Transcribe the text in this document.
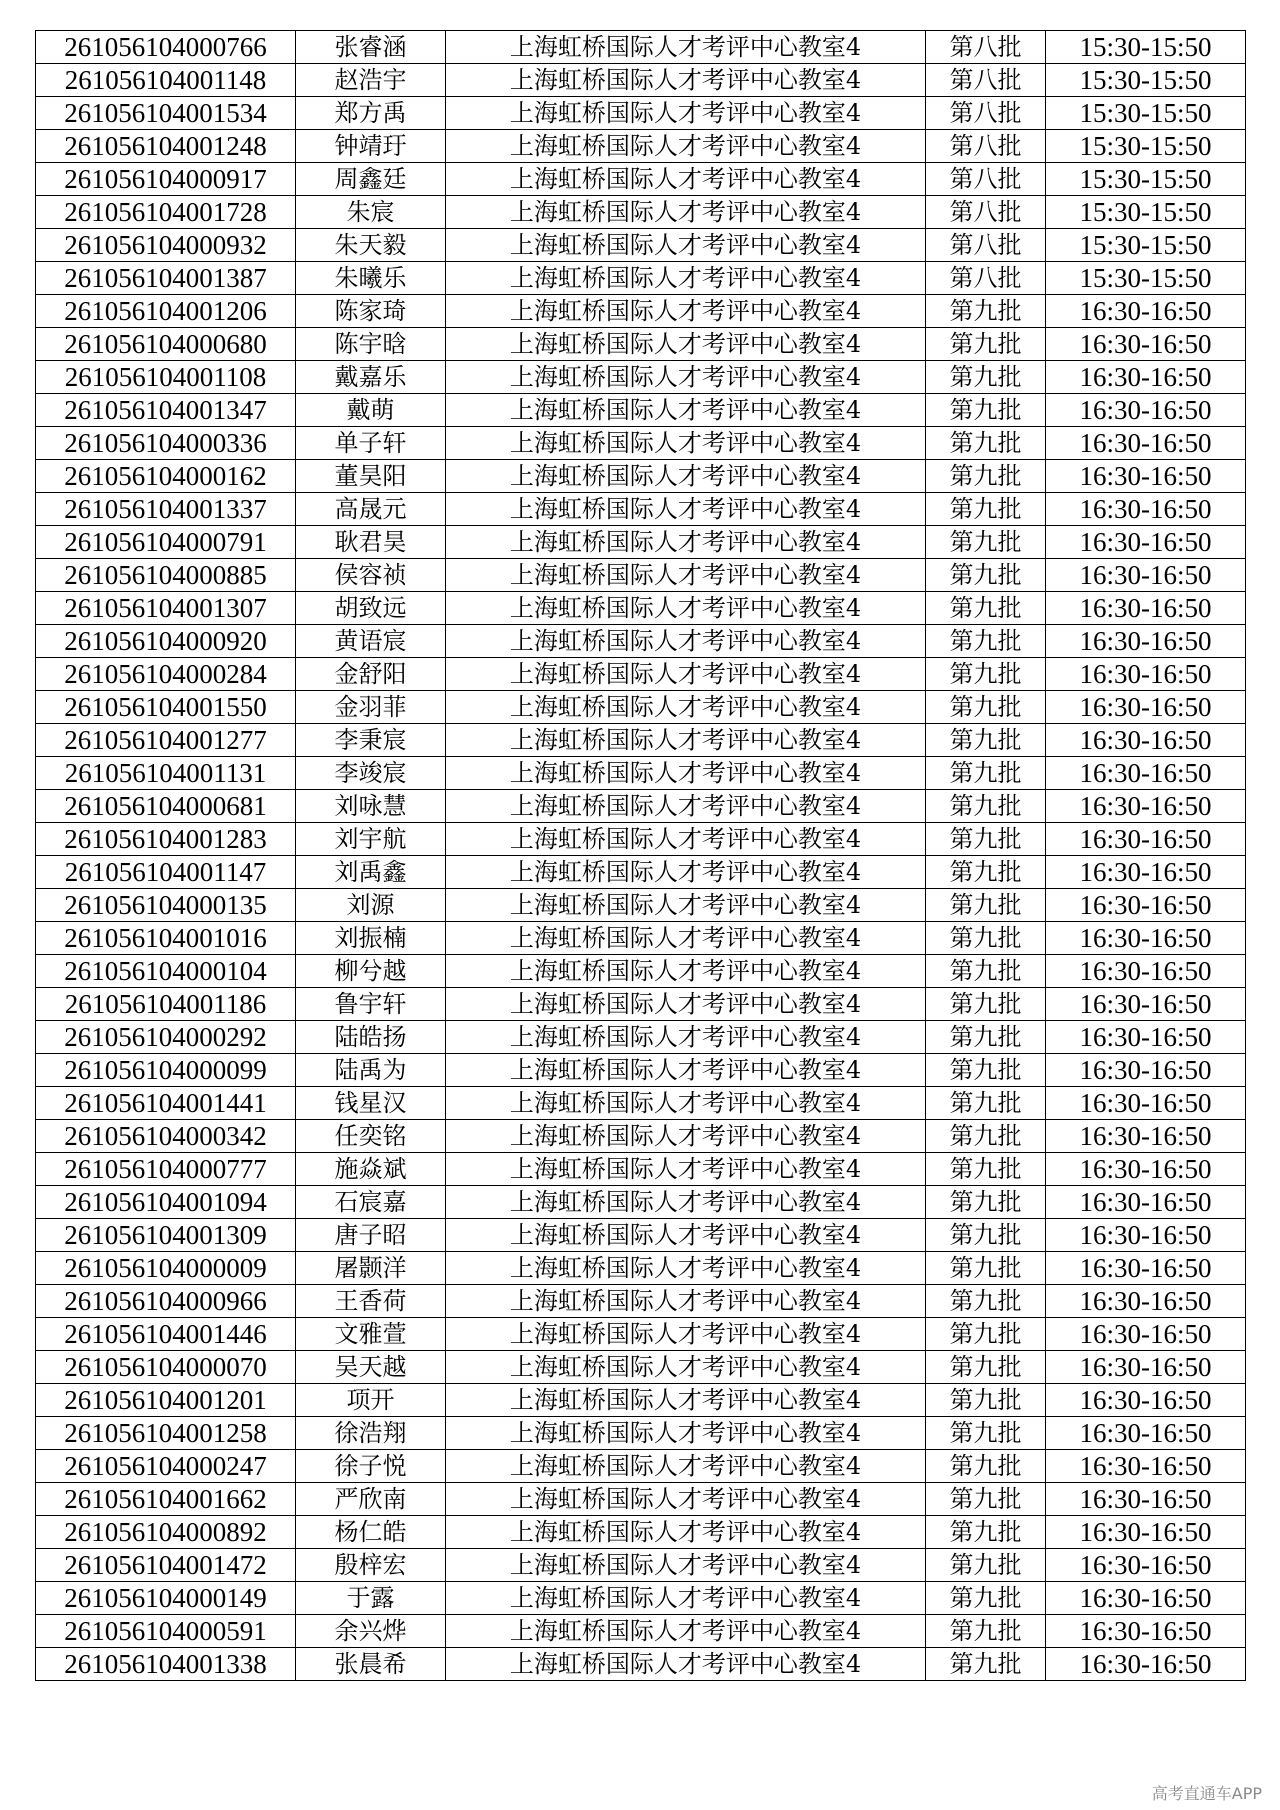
261056104000766	张睿涵	上海虹桥国际人才考评中心教室4	第八批	15:30-15:50
261056104001148	赵浩宇	上海虹桥国际人才考评中心教室4	第八批	15:30-15:50
261056104001534	郑方禹	上海虹桥国际人才考评中心教室4	第八批	15:30-15:50
261056104001248	钟靖玗	上海虹桥国际人才考评中心教室4	第八批	15:30-15:50
261056104000917	周鑫廷	上海虹桥国际人才考评中心教室4	第八批	15:30-15:50
261056104001728	朱宸	上海虹桥国际人才考评中心教室4	第八批	15:30-15:50
261056104000932	朱天毅	上海虹桥国际人才考评中心教室4	第八批	15:30-15:50
261056104001387	朱曦乐	上海虹桥国际人才考评中心教室4	第八批	15:30-15:50
261056104001206	陈家琦	上海虹桥国际人才考评中心教室4	第九批	16:30-16:50
261056104000680	陈宇晗	上海虹桥国际人才考评中心教室4	第九批	16:30-16:50
261056104001108	戴嘉乐	上海虹桥国际人才考评中心教室4	第九批	16:30-16:50
261056104001347	戴萌	上海虹桥国际人才考评中心教室4	第九批	16:30-16:50
261056104000336	单子轩	上海虹桥国际人才考评中心教室4	第九批	16:30-16:50
261056104000162	董昊阳	上海虹桥国际人才考评中心教室4	第九批	16:30-16:50
261056104001337	高晟元	上海虹桥国际人才考评中心教室4	第九批	16:30-16:50
261056104000791	耿君昊	上海虹桥国际人才考评中心教室4	第九批	16:30-16:50
261056104000885	侯容祯	上海虹桥国际人才考评中心教室4	第九批	16:30-16:50
261056104001307	胡致远	上海虹桥国际人才考评中心教室4	第九批	16:30-16:50
261056104000920	黄语宸	上海虹桥国际人才考评中心教室4	第九批	16:30-16:50
261056104000284	金舒阳	上海虹桥国际人才考评中心教室4	第九批	16:30-16:50
261056104001550	金羽菲	上海虹桥国际人才考评中心教室4	第九批	16:30-16:50
261056104001277	李秉宸	上海虹桥国际人才考评中心教室4	第九批	16:30-16:50
261056104001131	李竣宸	上海虹桥国际人才考评中心教室4	第九批	16:30-16:50
261056104000681	刘咏慧	上海虹桥国际人才考评中心教室4	第九批	16:30-16:50
261056104001283	刘宇航	上海虹桥国际人才考评中心教室4	第九批	16:30-16:50
261056104001147	刘禹鑫	上海虹桥国际人才考评中心教室4	第九批	16:30-16:50
261056104000135	刘源	上海虹桥国际人才考评中心教室4	第九批	16:30-16:50
261056104001016	刘振楠	上海虹桥国际人才考评中心教室4	第九批	16:30-16:50
261056104000104	柳兮越	上海虹桥国际人才考评中心教室4	第九批	16:30-16:50
261056104001186	鲁宇轩	上海虹桥国际人才考评中心教室4	第九批	16:30-16:50
261056104000292	陆皓扬	上海虹桥国际人才考评中心教室4	第九批	16:30-16:50
261056104000099	陆禹为	上海虹桥国际人才考评中心教室4	第九批	16:30-16:50
261056104001441	钱星汉	上海虹桥国际人才考评中心教室4	第九批	16:30-16:50
261056104000342	任奕铭	上海虹桥国际人才考评中心教室4	第九批	16:30-16:50
261056104000777	施焱斌	上海虹桥国际人才考评中心教室4	第九批	16:30-16:50
261056104001094	石宸嘉	上海虹桥国际人才考评中心教室4	第九批	16:30-16:50
261056104001309	唐子昭	上海虹桥国际人才考评中心教室4	第九批	16:30-16:50
261056104000009	屠颢洋	上海虹桥国际人才考评中心教室4	第九批	16:30-16:50
261056104000966	王香荷	上海虹桥国际人才考评中心教室4	第九批	16:30-16:50
261056104001446	文雅萱	上海虹桥国际人才考评中心教室4	第九批	16:30-16:50
261056104000070	吴天越	上海虹桥国际人才考评中心教室4	第九批	16:30-16:50
261056104001201	项开	上海虹桥国际人才考评中心教室4	第九批	16:30-16:50
261056104001258	徐浩翔	上海虹桥国际人才考评中心教室4	第九批	16:30-16:50
261056104000247	徐子悦	上海虹桥国际人才考评中心教室4	第九批	16:30-16:50
261056104001662	严欣南	上海虹桥国际人才考评中心教室4	第九批	16:30-16:50
261056104000892	杨仁皓	上海虹桥国际人才考评中心教室4	第九批	16:30-16:50
261056104001472	殷梓宏	上海虹桥国际人才考评中心教室4	第九批	16:30-16:50
261056104000149	于露	上海虹桥国际人才考评中心教室4	第九批	16:30-16:50
261056104000591	余兴烨	上海虹桥国际人才考评中心教室4	第九批	16:30-16:50
261056104001338	张晨希	上海虹桥国际人才考评中心教室4	第九批	16:30-16:50
高考直通车APP
